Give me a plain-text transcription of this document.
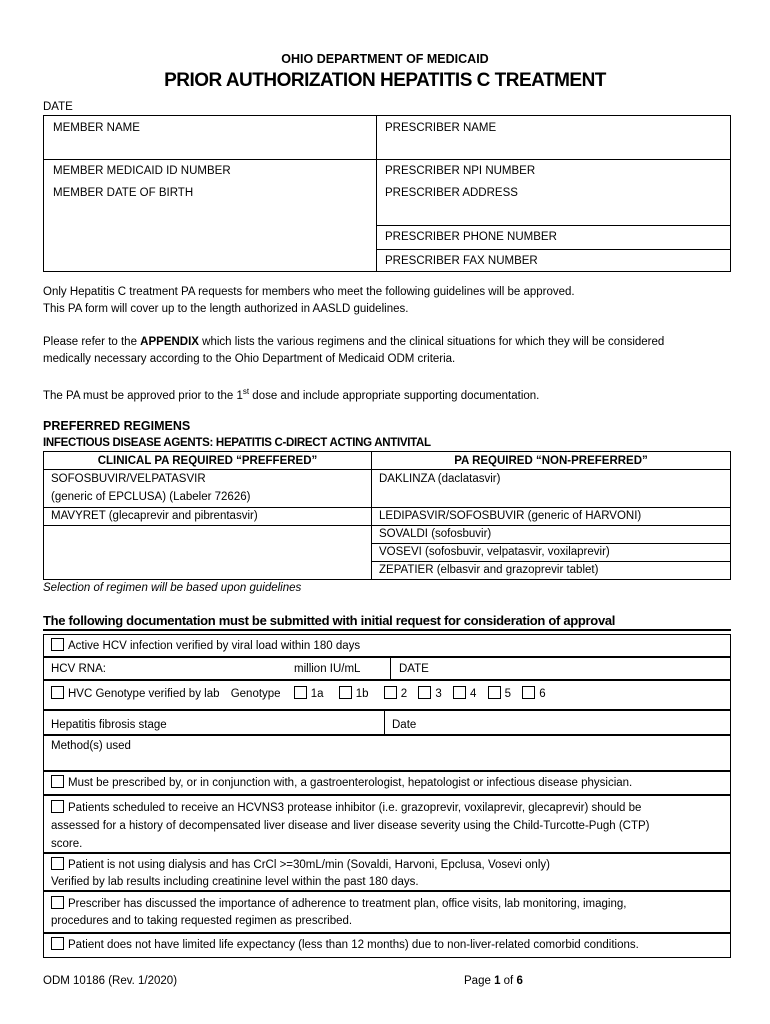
OHIO DEPARTMENT OF MEDICAID
PRIOR AUTHORIZATION HEPATITIS C TREATMENT
DATE
MEMBER NAME	PRESCRIBER NAME
MEMBER MEDICAID ID NUMBER	PRESCRIBER NPI NUMBER
MEMBER DATE OF BIRTH	PRESCRIBER ADDRESS
PRESCRIBER PHONE NUMBER
PRESCRIBER FAX NUMBER
Only Hepatitis C treatment PA requests for members who meet the following guidelines will be approved.
This PA form will cover up to the length authorized in AASLD guidelines.
Please refer to the APPENDIX which lists the various regimens and the clinical situations for which they will be considered
medically necessary according to the Ohio Department of Medicaid ODM criteria.
The PA must be approved prior to the 1st dose and include appropriate supporting documentation.
PREFERRED REGIMENS
INFECTIOUS DISEASE AGENTS: HEPATITIS C-DIRECT ACTING ANTIVITAL
CLINICAL PA REQUIRED “PREFFERED”	PA REQUIRED “NON-PREFERRED”

SOFOSBUVIR/VELPATASVIR
(generic of EPCLUSA) (Labeler 72626)	DAKLINZA (daclatasvir)
MAVYRET (glecaprevir and pibrentasvir)	LEDIPASVIR/SOFOSBUVIR (generic of HARVONI)
	SOVALDI (sofosbuvir)
	VOSEVI (sofosbuvir, velpatasvir, voxilaprevir)
	ZEPATIER (elbasvir and grazoprevir tablet)
Selection of regimen will be based upon guidelines
The following documentation must be submitted with initial request for consideration of approval
Active HCV infection verified by viral load within 180 days
HCV RNA:	million IU/mL	DATE
HVC Genotype verified by lab Genotype	1a	1b	2 3 4 5 6
Hepatitis fibrosis stage	Date
Method(s) used
Must be prescribed by, or in conjunction with, a gastroenterologist, hepatologist or infectious disease physician.
Patients scheduled to receive an HCVNS3 protease inhibitor (i.e. grazoprevir, voxilaprevir, glecaprevir) should be
assessed for a history of decompensated liver disease and liver disease severity using the Child-Turcotte-Pugh (CTP)
score.
Patient is not using dialysis and has CrCl >=30mL/min (Sovaldi, Harvoni, Epclusa, Vosevi only)
Verified by lab results including creatinine level within the past 180 days.
Prescriber has discussed the importance of adherence to treatment plan, office visits, lab monitoring, imaging,
procedures and to taking requested regimen as prescribed.
Patient does not have limited life expectancy (less than 12 months) due to non-liver-related comorbid conditions.
ODM 10186 (Rev. 1/2020)	Page 1 of 6
